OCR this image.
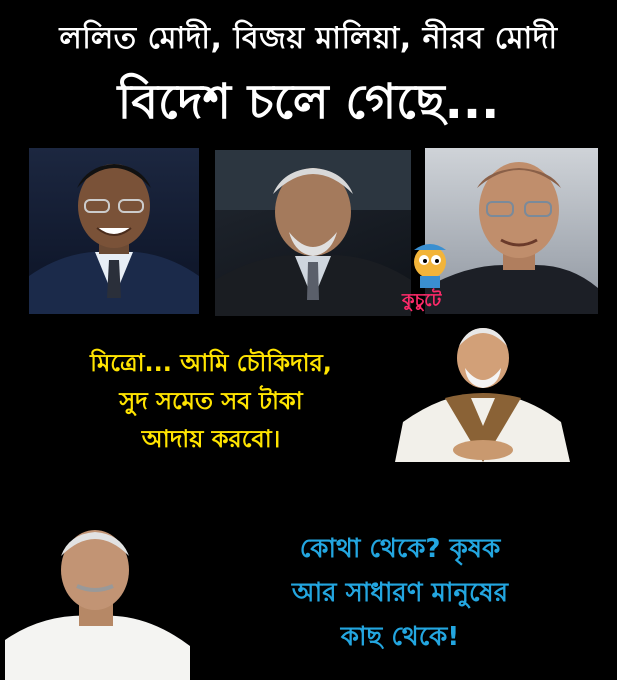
ললিত মোদী, বিজয় মালিয়া, নীরব মোদী
বিদেশ চলে গেছে...
কুচুটে
মিত্রো... আমি চৌকিদার,
সুদ সমেত সব টাকা
আদায় করবো।
কোথা থেকে? কৃষক
আর সাধারণ মানুষের
কাছ থেকে!
